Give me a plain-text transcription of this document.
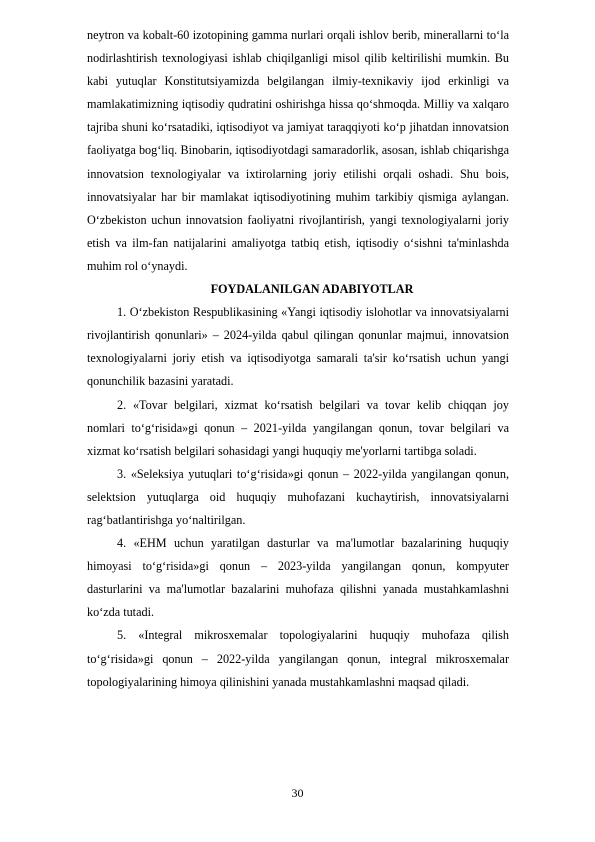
neytron va kobalt-60 izotopining gamma nurlari orqali ishlov berib, minerallarni to‘la nodirlashtirish texnologiyasi ishlab chiqilganligi misol qilib keltirilishi mumkin. Bu kabi yutuqlar Konstitutsiyamizda belgilangan ilmiy-texnikaviy ijod erkinligi va mamlakatimizning iqtisodiy qudratini oshirishga hissa qo‘shmoqda. Milliy va xalqaro tajriba shuni ko‘rsatadiki, iqtisodiyot va jamiyat taraqqiyoti ko‘p jihatdan innovatsion faoliyatga bog‘liq. Binobarin, iqtisodiyotdagi samaradorlik, asosan, ishlab chiqarishga innovatsion texnologiyalar va ixtirolarning joriy etilishi orqali oshadi. Shu bois, innovatsiyalar har bir mamlakat iqtisodiyotining muhim tarkibiy qismiga aylangan. O‘zbekiston uchun innovatsion faoliyatni rivojlantirish, yangi texnologiyalarni joriy etish va ilm-fan natijalarini amaliyotga tatbiq etish, iqtisodiy o‘sishni ta'minlashda muhim rol o‘ynaydi.

FOYDALANILGAN ADABIYOTLAR

1. O‘zbekiston Respublikasining «Yangi iqtisodiy islohotlar va innovatsiyalarni rivojlantirish qonunlari» – 2024-yilda qabul qilingan qonunlar majmui, innovatsion texnologiyalarni joriy etish va iqtisodiyotga samarali ta'sir ko‘rsatish uchun yangi qonunchilik bazasini yaratadi.

2. «Tovar belgilari, xizmat ko‘rsatish belgilari va tovar kelib chiqqan joy nomlari to‘g‘risida»gi qonun – 2021-yilda yangilangan qonun, tovar belgilari va xizmat ko‘rsatish belgilari sohasidagi yangi huquqiy me'yorlarni tartibga soladi.

3. «Seleksiya yutuqlari to‘g‘risida»gi qonun – 2022-yilda yangilangan qonun, selektsion yutuqlarga oid huquqiy muhofazani kuchaytirish, innovatsiyalarni rag‘batlantirishga yo‘naltirilgan.

4. «EHM uchun yaratilgan dasturlar va ma'lumotlar bazalarining huquqiy himoyasi to‘g‘risida»gi qonun – 2023-yilda yangilangan qonun, kompyuter dasturlarini va ma'lumotlar bazalarini muhofaza qilishni yanada mustahkamlashni ko‘zda tutadi.

5. «Integral mikrosxemalar topologiyalarini huquqiy muhofaza qilish to‘g‘risida»gi qonun – 2022-yilda yangilangan qonun, integral mikrosxemalar topologiyalarining himoya qilinishini yanada mustahkamlashni maqsad qiladi.

30
